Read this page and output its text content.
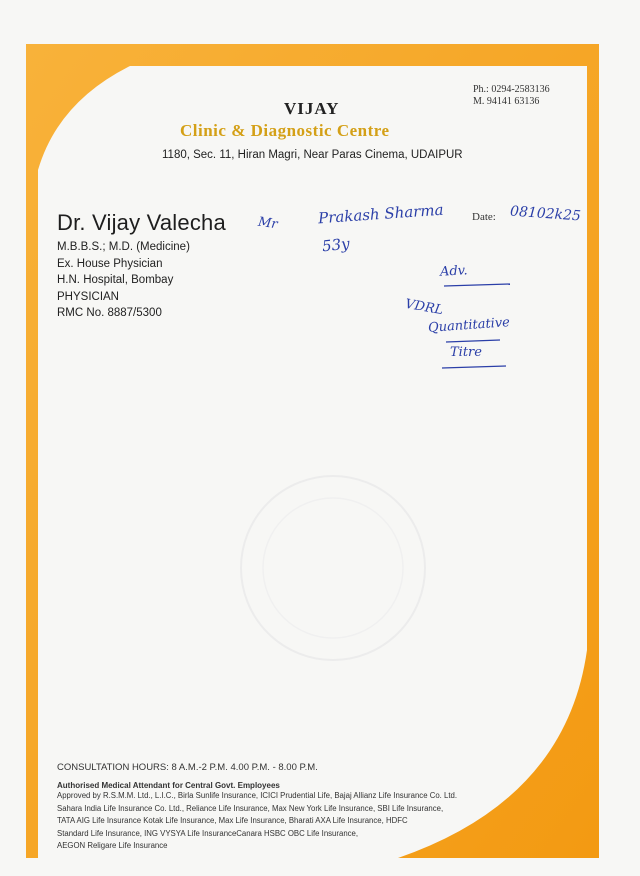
Ph.: 0294-2583136
M. 94141 63136
VIJAY
Clinic & Diagnostic Centre
1180, Sec. 11, Hiran Magri, Near Paras Cinema, UDAIPUR
Dr. Vijay Valecha
M.B.B.S.; M.D. (Medicine)
Ex. House Physician
H.N. Hospital, Bombay
PHYSICIAN
RMC No. 8887/5300
Date: 08102k25
Mr	Prakash Sharma
53y
Adv.
VDRL
Quantitative
Titre
CONSULTATION HOURS: 8 A.M.-2 P.M. 4.00 P.M. - 8.00 P.M.
Authorised Medical Attendant for Central Govt. Employees
Approved by R.S.M.M. Ltd., L.I.C., Birla Sunlife Insurance, ICICI Prudential Life, Bajaj Allianz Life Insurance Co. Ltd.
Sahara India Life Insurance Co. Ltd., Reliance Life Insurance, Max New York Life Insurance, SBI Life Insurance,
TATA AIG Life Insurance Kotak Life Insurance, Max Life Insurance, Bharati AXA Life Insurance, HDFC
Standard Life Insurance, ING VYSYA Life InsuranceCanara HSBC OBC Life Insurance,
AEGON Religare Life Insurance
